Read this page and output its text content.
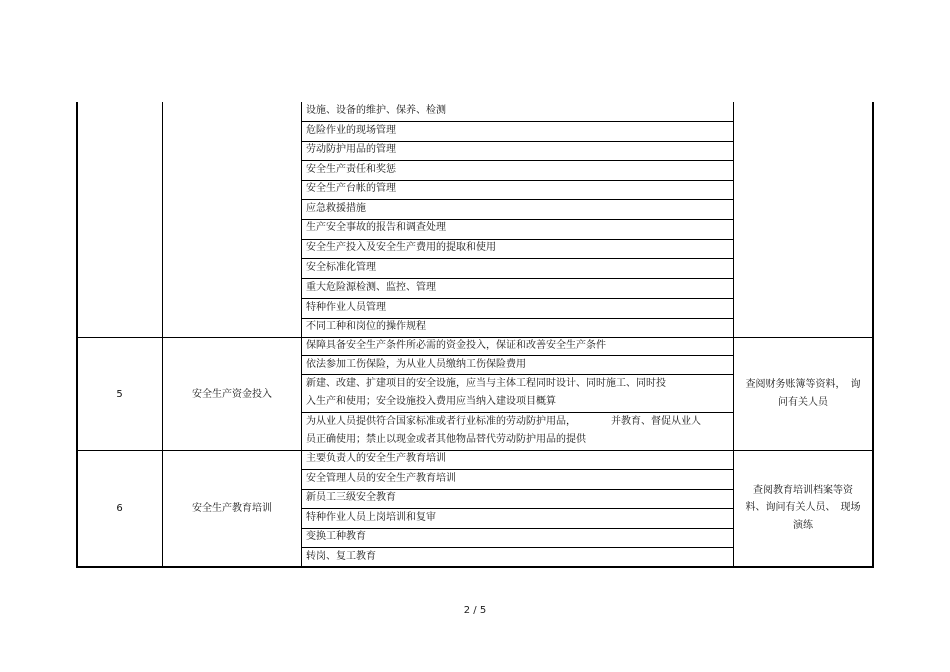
设施、设备的维护、保养、检测
危险作业的现场管理
劳动防护用品的管理
安全生产责任和奖惩
安全生产台帐的管理
应急救援措施
生产安全事故的报告和调查处理
安全生产投入及安全生产费用的提取和使用
安全标准化管理
重大危险源检测、监控、管理
特种作业人员管理
不同工种和岗位的操作规程
5	安全生产资金投入
保障具备安全生产条件所必需的资金投入，保证和改善安全生产条件
依法参加工伤保险，为从业人员缴纳工伤保险费用
新建、改建、扩建项目的安全设施，应当与主体工程同时设计、同时施工、同时投
入生产和使用；安全设施投入费用应当纳入建设项目概算
为从业人员提供符合国家标准或者行业标准的劳动防护用品，　　　　并教育、督促从业人
员正确使用；禁止以现金或者其他物品替代劳动防护用品的提供
查阅财务账簿等资料，　询
问有关人员
6	安全生产教育培训
主要负责人的安全生产教育培训
安全管理人员的安全生产教育培训
新员工三级安全教育
特种作业人员上岗培训和复审
变换工种教育
转岗、复工教育
查阅教育培训档案等资
料、询问有关人员、　现场
演练
2 / 5
